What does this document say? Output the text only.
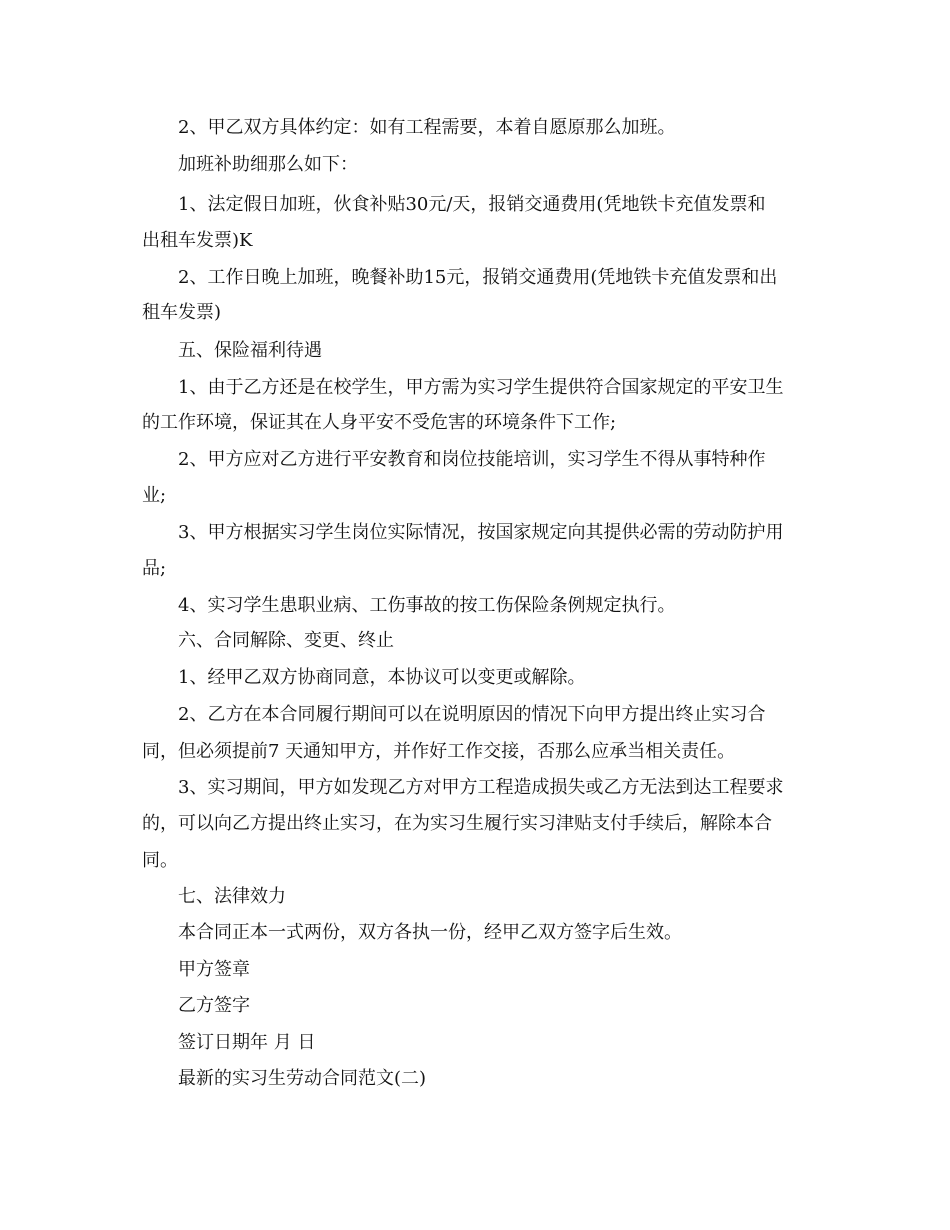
2、甲乙双方具体约定：如有工程需要，本着自愿原那么加班。
加班补助细那么如下：
1、法定假日加班，伙食补贴30元/天，报销交通费用(凭地铁卡充值发票和
出租车发票)K
2、工作日晚上加班，晚餐补助15元，报销交通费用(凭地铁卡充值发票和出
租车发票)
五、保险福利待遇
1、由于乙方还是在校学生，甲方需为实习学生提供符合国家规定的平安卫生
的工作环境，保证其在人身平安不受危害的环境条件下工作;
2、甲方应对乙方进行平安教育和岗位技能培训，实习学生不得从事特种作
业;
3、甲方根据实习学生岗位实际情况，按国家规定向其提供必需的劳动防护用
品;
4、实习学生患职业病、工伤事故的按工伤保险条例规定执行。
六、合同解除、变更、终止
1、经甲乙双方协商同意，本协议可以变更或解除。
2、乙方在本合同履行期间可以在说明原因的情况下向甲方提出终止实习合
同，但必须提前7 天通知甲方，并作好工作交接，否那么应承当相关责任。
3、实习期间，甲方如发现乙方对甲方工程造成损失或乙方无法到达工程要求
的，可以向乙方提出终止实习，在为实习生履行实习津贴支付手续后，解除本合
同。
七、法律效力
本合同正本一式两份，双方各执一份，经甲乙双方签字后生效。
甲方签章
乙方签字
签订日期年 月 日
最新的实习生劳动合同范文(二)
